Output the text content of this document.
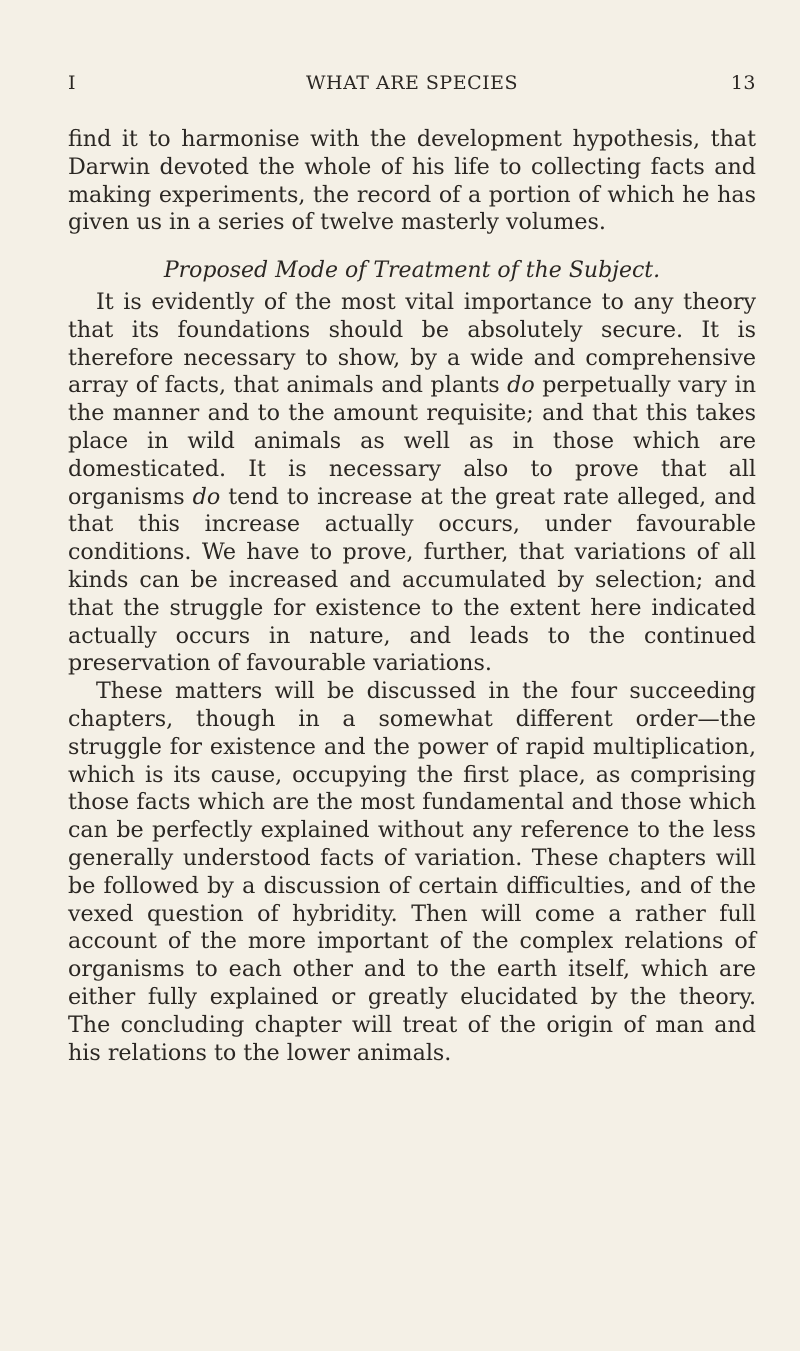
I	WHAT ARE SPECIES	13

find it to harmonise with the development hypothesis, that Darwin devoted the whole of his life to collecting facts and making experiments, the record of a portion of which he has given us in a series of twelve masterly volumes.

Proposed Mode of Treatment of the Subject.

It is evidently of the most vital importance to any theory that its foundations should be absolutely secure. It is therefore necessary to show, by a wide and comprehensive array of facts, that animals and plants do perpetually vary in the manner and to the amount requisite; and that this takes place in wild animals as well as in those which are domesticated. It is necessary also to prove that all organisms do tend to increase at the great rate alleged, and that this increase actually occurs, under favourable conditions. We have to prove, further, that variations of all kinds can be increased and accumulated by selection; and that the struggle for existence to the extent here indicated actually occurs in nature, and leads to the continued preservation of favourable variations.

These matters will be discussed in the four succeeding chapters, though in a somewhat different order—the struggle for existence and the power of rapid multiplication, which is its cause, occupying the first place, as comprising those facts which are the most fundamental and those which can be perfectly explained without any reference to the less generally understood facts of variation. These chapters will be followed by a discussion of certain difficulties, and of the vexed question of hybridity. Then will come a rather full account of the more important of the complex relations of organisms to each other and to the earth itself, which are either fully explained or greatly elucidated by the theory. The concluding chapter will treat of the origin of man and his relations to the lower animals.
